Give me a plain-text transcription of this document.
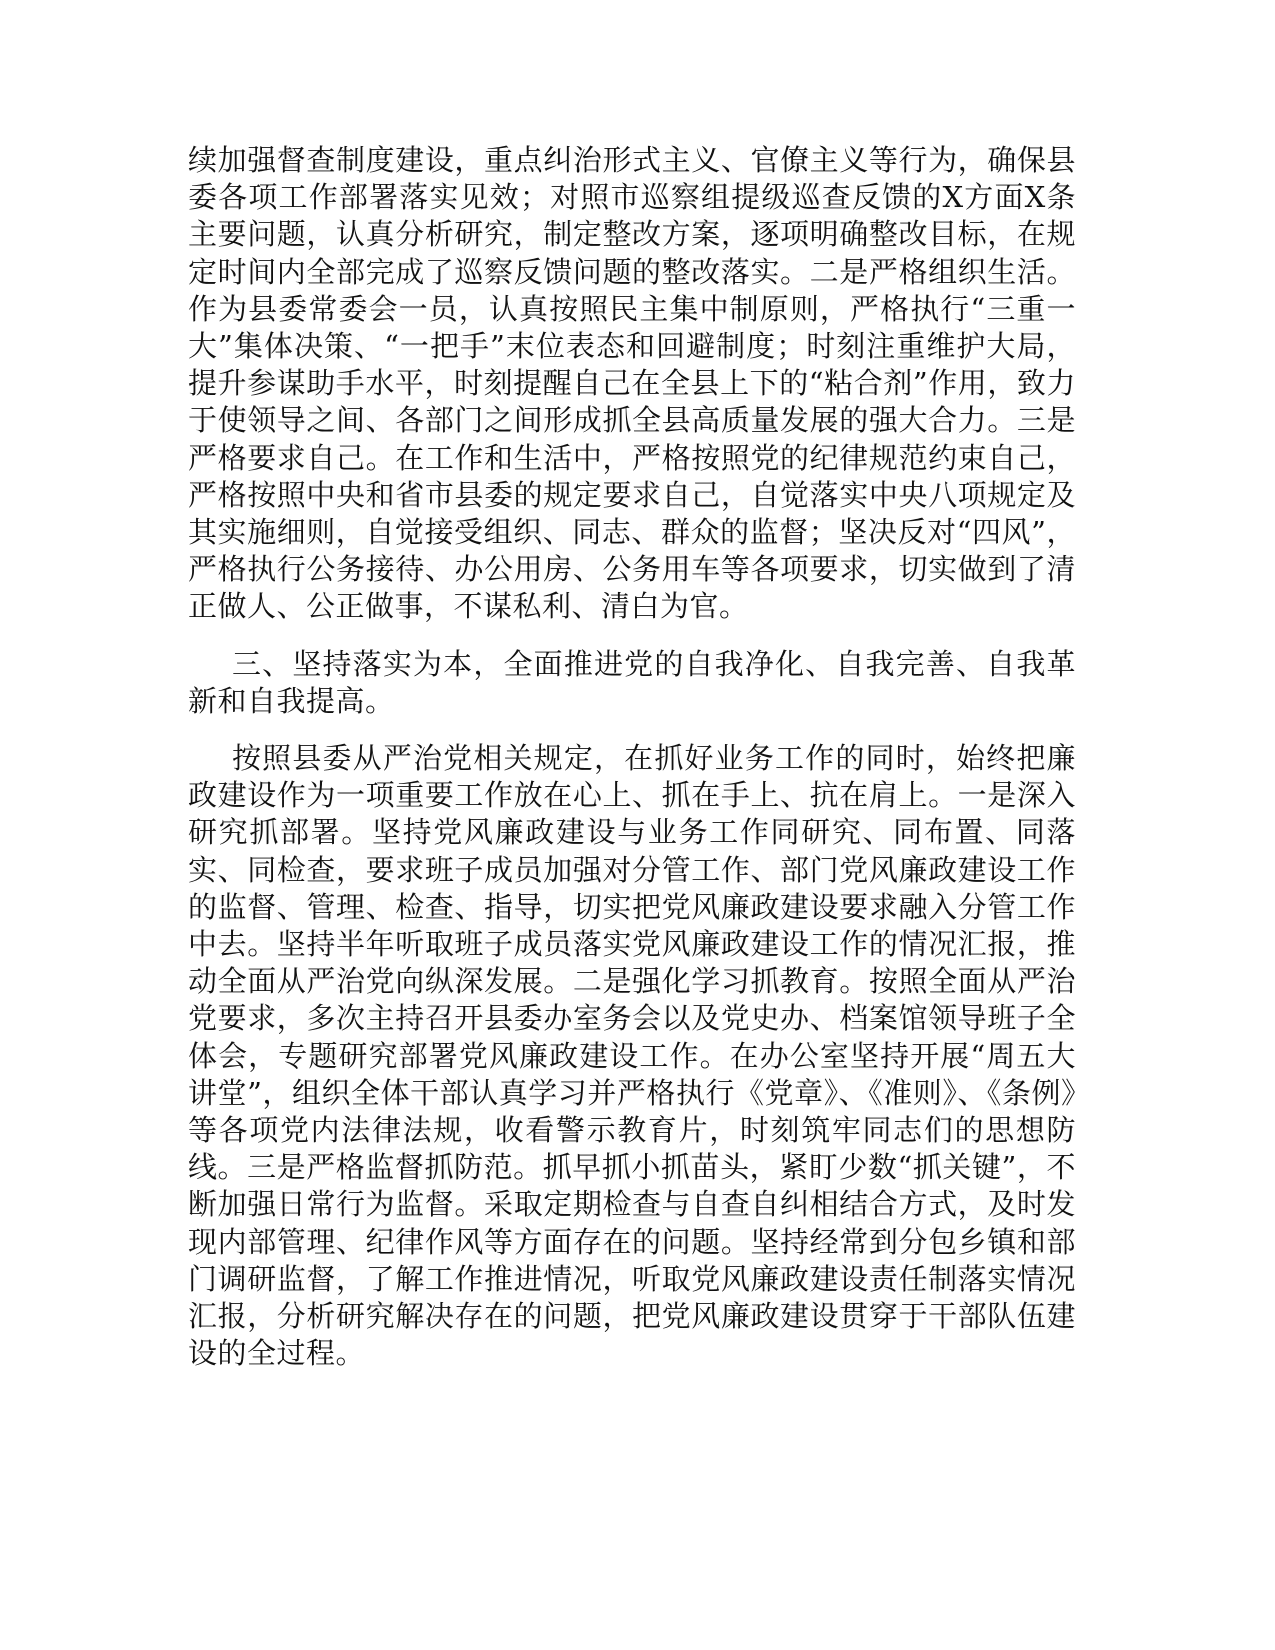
续加强督查制度建设，重点纠治形式主义、官僚主义等行为，确保县委各项工作部署落实见效；对照市巡察组提级巡查反馈的X方面X条主要问题，认真分析研究，制定整改方案，逐项明确整改目标，在规定时间内全部完成了巡察反馈问题的整改落实。二是严格组织生活。作为县委常委会一员，认真按照民主集中制原则，严格执行“三重一大”集体决策、“一把手”末位表态和回避制度；时刻注重维护大局，提升参谋助手水平，时刻提醒自己在全县上下的“粘合剂”作用，致力于使领导之间、各部门之间形成抓全县高质量发展的强大合力。三是严格要求自己。在工作和生活中，严格按照党的纪律规范约束自己，严格按照中央和省市县委的规定要求自己，自觉落实中央八项规定及其实施细则，自觉接受组织、同志、群众的监督；坚决反对“四风”，严格执行公务接待、办公用房、公务用车等各项要求，切实做到了清正做人、公正做事，不谋私利、清白为官。

三、坚持落实为本，全面推进党的自我净化、自我完善、自我革新和自我提高。

按照县委从严治党相关规定，在抓好业务工作的同时，始终把廉政建设作为一项重要工作放在心上、抓在手上、抗在肩上。一是深入研究抓部署。坚持党风廉政建设与业务工作同研究、同布置、同落实、同检查，要求班子成员加强对分管工作、部门党风廉政建设工作的监督、管理、检查、指导，切实把党风廉政建设要求融入分管工作中去。坚持半年听取班子成员落实党风廉政建设工作的情况汇报，推动全面从严治党向纵深发展。二是强化学习抓教育。按照全面从严治党要求，多次主持召开县委办室务会以及党史办、档案馆领导班子全体会，专题研究部署党风廉政建设工作。在办公室坚持开展“周五大讲堂”，组织全体干部认真学习并严格执行《党章》、《准则》、《条例》等各项党内法律法规，收看警示教育片，时刻筑牢同志们的思想防线。三是严格监督抓防范。抓早抓小抓苗头，紧盯少数“抓关键”，不断加强日常行为监督。采取定期检查与自查自纠相结合方式，及时发现内部管理、纪律作风等方面存在的问题。坚持经常到分包乡镇和部门调研监督，了解工作推进情况，听取党风廉政建设责任制落实情况汇报，分析研究解决存在的问题，把党风廉政建设贯穿于干部队伍建设的全过程。
